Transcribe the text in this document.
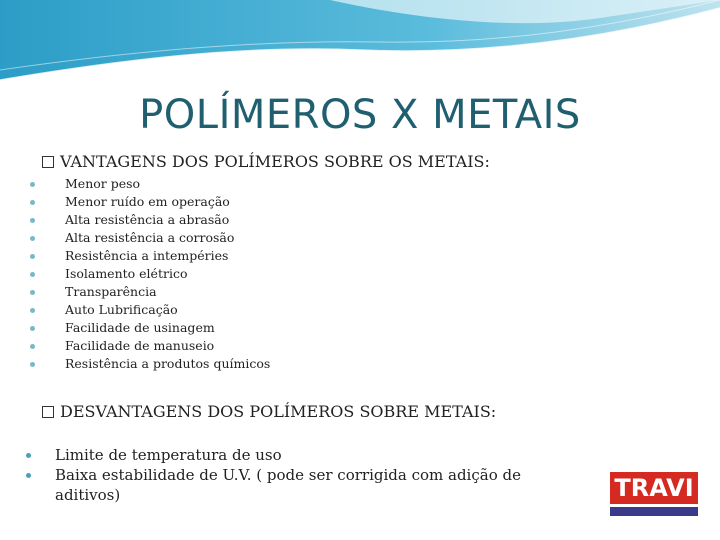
POLÍMEROS X METAIS
VANTAGENS DOS POLÍMEROS SOBRE OS METAIS:
Menor peso
Menor ruído em operação
Alta resistência a abrasão
Alta resistência a corrosão
Resistência a intempéries
Isolamento elétrico
Transparência
Auto Lubrificação
Facilidade de usinagem
Facilidade de manuseio
Resistência a produtos químicos
DESVANTAGENS DOS POLÍMEROS SOBRE METAIS:
Limite de temperatura de uso
Baixa estabilidade de U.V. ( pode ser corrigida com adição de aditivos)	TRAVI
